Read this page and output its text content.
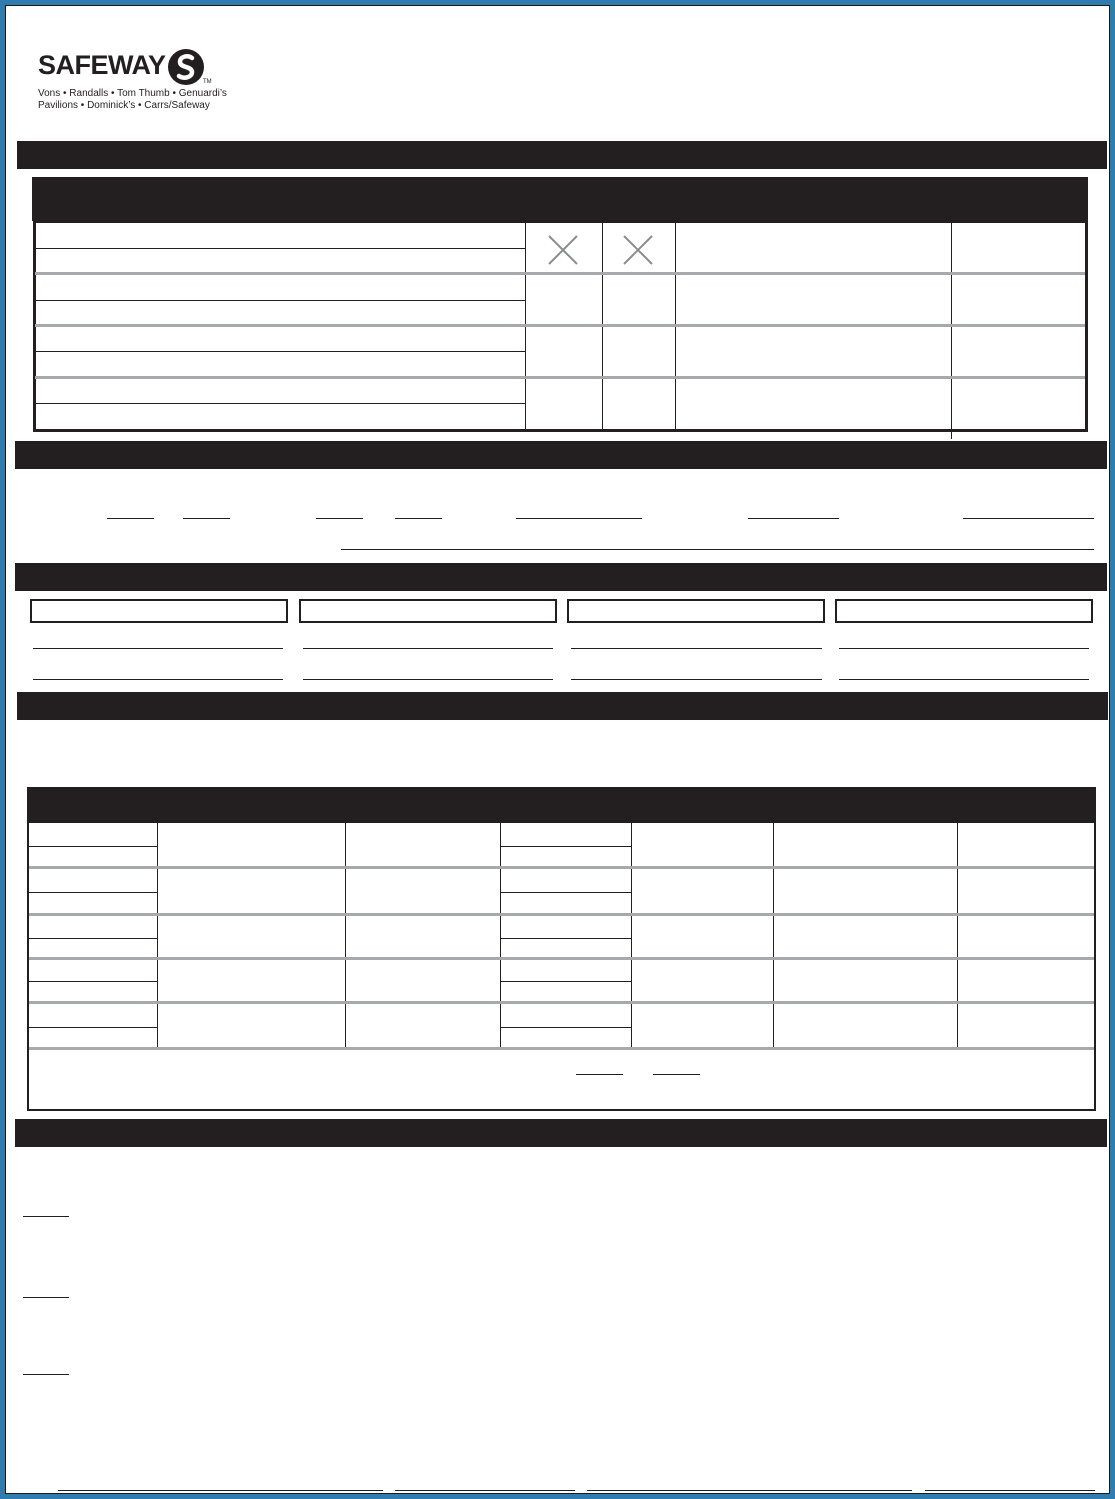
SAFEWAY
TM
Vons • Randalls • Tom Thumb • Genuardi’s
Pavilions • Dominick’s • Carrs/Safeway
